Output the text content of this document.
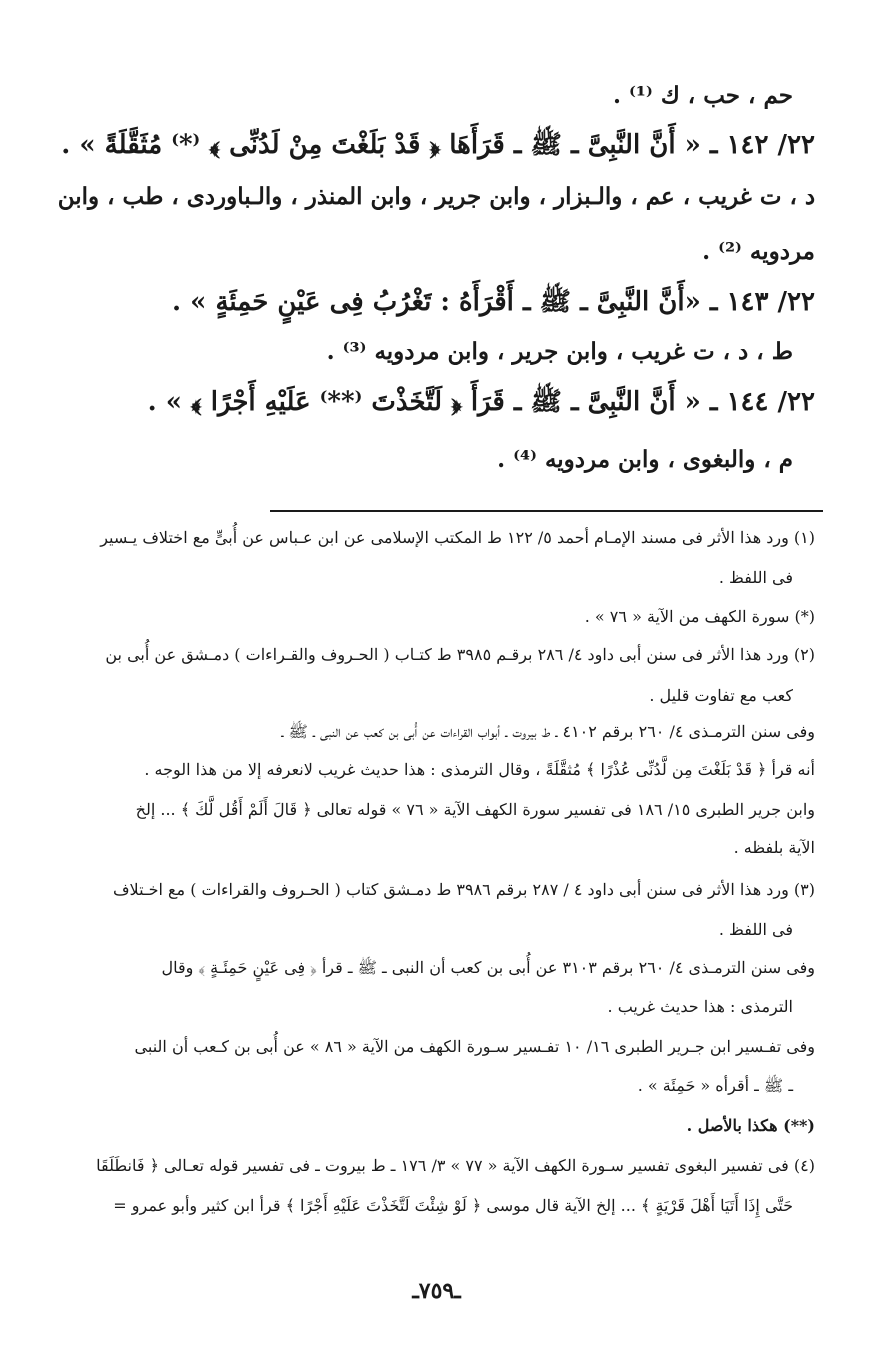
حم ، حب ، ك ⁽¹⁾ .
٢٢/ ١٤٢ ـ « أَنَّ النَّبِىَّ ـ ﷺ ـ قَرَأَهَا ﴿ قَدْ بَلَغْتَ مِنْ لَدُنِّى ﴾ ⁽*⁾ مُثَقَّلَةً » .
د ، ت غريب ، عم ، والـبزار ، وابن جرير ، وابن المنذر ، والـباوردى ، طب ، وابن
مردويه ⁽²⁾ .
٢٢/ ١٤٣ ـ «أَنَّ النَّبِىَّ ـ ﷺ ـ أَقْرَأَهُ : تَغْرُبُ فِى عَيْنٍ حَمِئَةٍ » .
ط ، د ، ت غريب ، وابن جرير ، وابن مردويه ⁽³⁾ .
٢٢/ ١٤٤ ـ « أَنَّ النَّبِىَّ ـ ﷺ ـ قَرَأَ ﴿ لَتَّخَذْتَ ⁽**⁾ عَلَيْهِ أَجْرًا ﴾ » .
م ، والبغوى ، وابن مردويه ⁽⁴⁾ .
(١) ورد هذا الأثر فى مسند الإمـام أحمد ٥/ ١٢٢ ط المكتب الإسلامى عن ابن عـباس عن أُبىٍّ مع اختلاف يـسير
فى اللفظ .
(*) سورة الكهف من الآية « ٧٦ » .
(٢) ورد هذا الأثر فى سنن أبى داود ٤/ ٢٨٦ برقـم ٣٩٨٥ ط كتـاب ( الحـروف والقـراءات ) دمـشق عن أُبى بن
كعب مع تفاوت قليل .
وفى سنن الترمـذى ٤/ ٢٦٠ برقم ٤١٠٢ ـ ط بيروت ـ أبواب القراءات عن أُبى بن كعب عن النبى ـ ﷺ ـ
أنه قرأ ﴿ قَدْ بَلَغْتَ مِن لَّدُنِّى عُذْرًا ﴾ مُثقَّلَةً ، وقال الترمذى : هذا حديث غريب لانعرفه إلا من هذا الوجه .
وابن جرير الطبرى ١٥/ ١٨٦ فى تفسير سورة الكهف الآية « ٧٦ » قوله تعالى ﴿ قَالَ أَلَمْ أَقُل لَّكَ ﴾ ... إلخ
الآية بلفظه .
(٣) ورد هذا الأثر فى سنن أبى داود ٤ / ٢٨٧ برقم ٣٩٨٦ ط دمـشق كتاب ( الحـروف والقراءات ) مع اخـتلاف
فى اللفظ .
وفى سنن الترمـذى ٤/ ٢٦٠ برقم ٣١٠٣ عن أُبى بن كعب أن النبى ـ ﷺ ـ قرأ ﴿ فِى عَيْنٍ حَمِئَـةٍ ﴾ وقال
الترمذى : هذا حديث غريب .
وفى تفـسير ابن جـرير الطبرى ١٦/ ١٠ تفـسير سـورة الكهف من الآية « ٨٦ » عن أُبى بن كـعب أن النبى
ـ ﷺ ـ أقرأه « حَمِئَة » .
(**) هكذا بالأصل .
(٤) فى تفسير البغوى تفسير سـورة الكهف الآية « ٧٧ » ٣/ ١٧٦ ـ ط بيروت ـ فى تفسير قوله تعـالى ﴿ فَانطَلَقَا
حَتَّى إِذَا أَتَيَا أَهْلَ قَرْيَةٍ ﴾ ... إلخ الآية قال موسى ﴿ لَوْ شِئْتَ لَتَّخَذْتَ عَلَيْهِ أَجْرًا ﴾ قرأ ابن كثير وأبو عمرو =
ـ٧٥٩ـ
